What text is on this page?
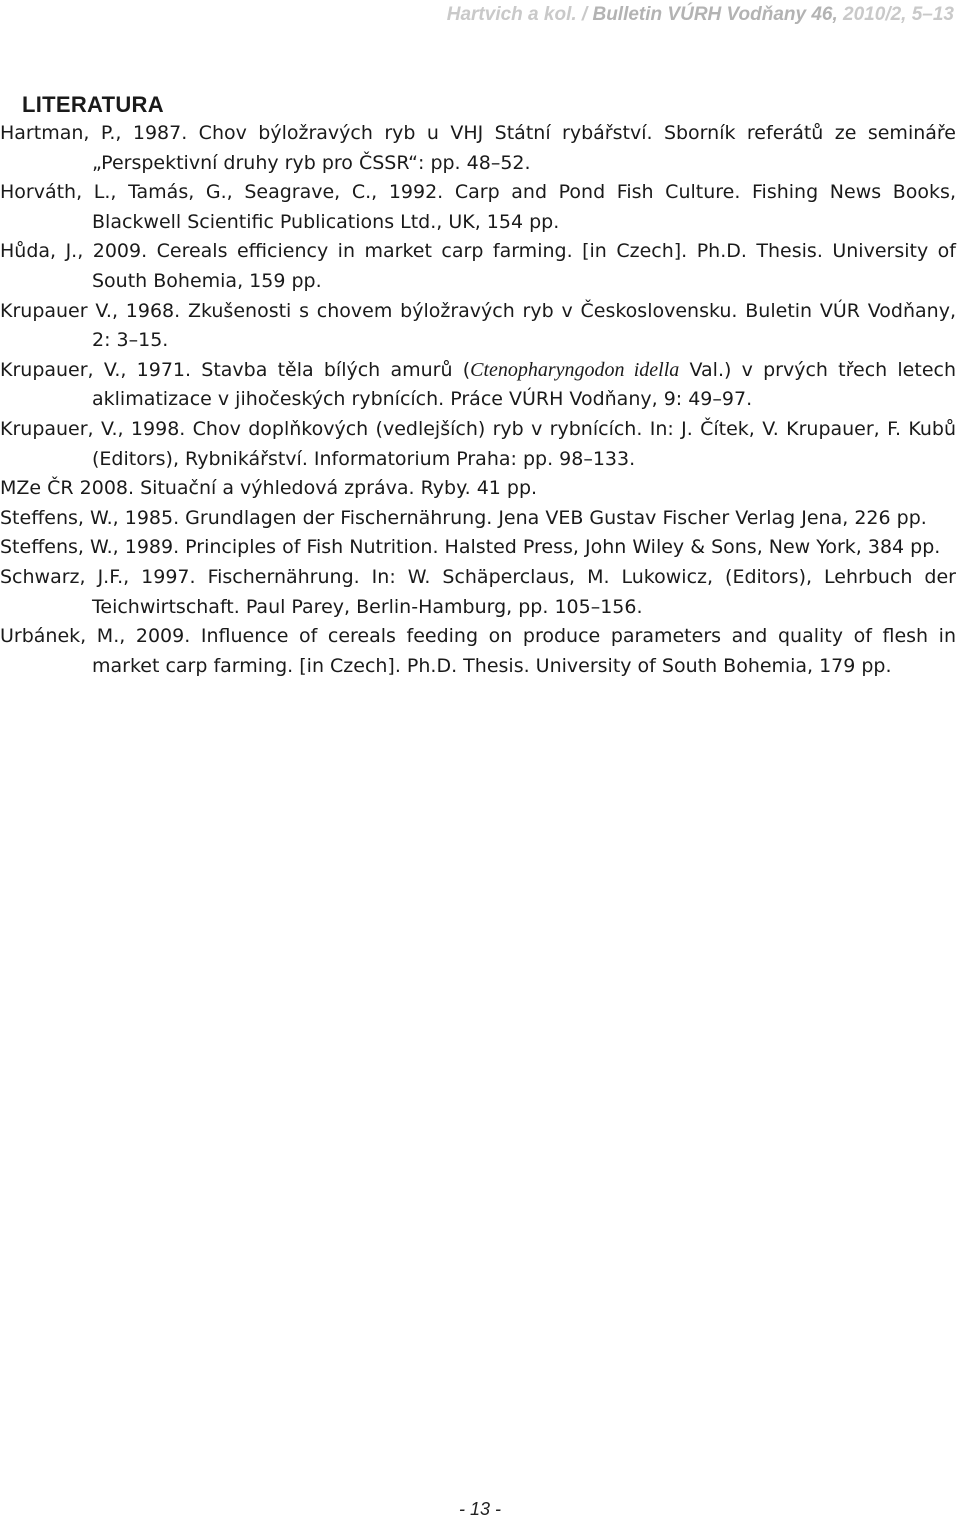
Hartvich a kol. / Bulletin VÚRH Vodňany 46, 2010/2, 5–13
LITERATURA
Hartman, P., 1987. Chov býložravých ryb u VHJ Státní rybářství. Sborník referátů ze semináře „Perspektivní druhy ryb pro ČSSR“: pp. 48–52.
Horváth, L., Tamás, G., Seagrave, C., 1992. Carp and Pond Fish Culture. Fishing News Books, Blackwell Scientific Publications Ltd., UK, 154 pp.
Hůda, J., 2009. Cereals efficiency in market carp farming. [in Czech]. Ph.D. Thesis. University of South Bohemia, 159 pp.
Krupauer V., 1968. Zkušenosti s chovem býložravých ryb v Československu. Buletin VÚR Vodňany, 2: 3–15.
Krupauer, V., 1971. Stavba těla bílých amurů (Ctenopharyngodon idella Val.) v prvých třech letech aklimatizace v jihočeských rybnících. Práce VÚRH Vodňany, 9: 49–97.
Krupauer, V., 1998. Chov doplňkových (vedlejších) ryb v rybnících. In: J. Čítek, V. Krupauer, F. Kubů (Editors), Rybnikářství. Informatorium Praha: pp. 98–133.
MZe ČR 2008. Situační a výhledová zpráva. Ryby. 41 pp.
Steffens, W., 1985. Grundlagen der Fischernährung. Jena VEB Gustav Fischer Verlag Jena, 226 pp.
Steffens, W., 1989. Principles of Fish Nutrition. Halsted Press, John Wiley & Sons, New York, 384 pp.
Schwarz, J.F., 1997. Fischernährung. In: W. Schäperclaus, M. Lukowicz, (Editors), Lehrbuch der Teichwirtschaft. Paul Parey, Berlin-Hamburg, pp. 105–156.
Urbánek, M., 2009. Influence of cereals feeding on produce parameters and quality of flesh in market carp farming. [in Czech]. Ph.D. Thesis. University of South Bohemia, 179 pp.
- 13 -
